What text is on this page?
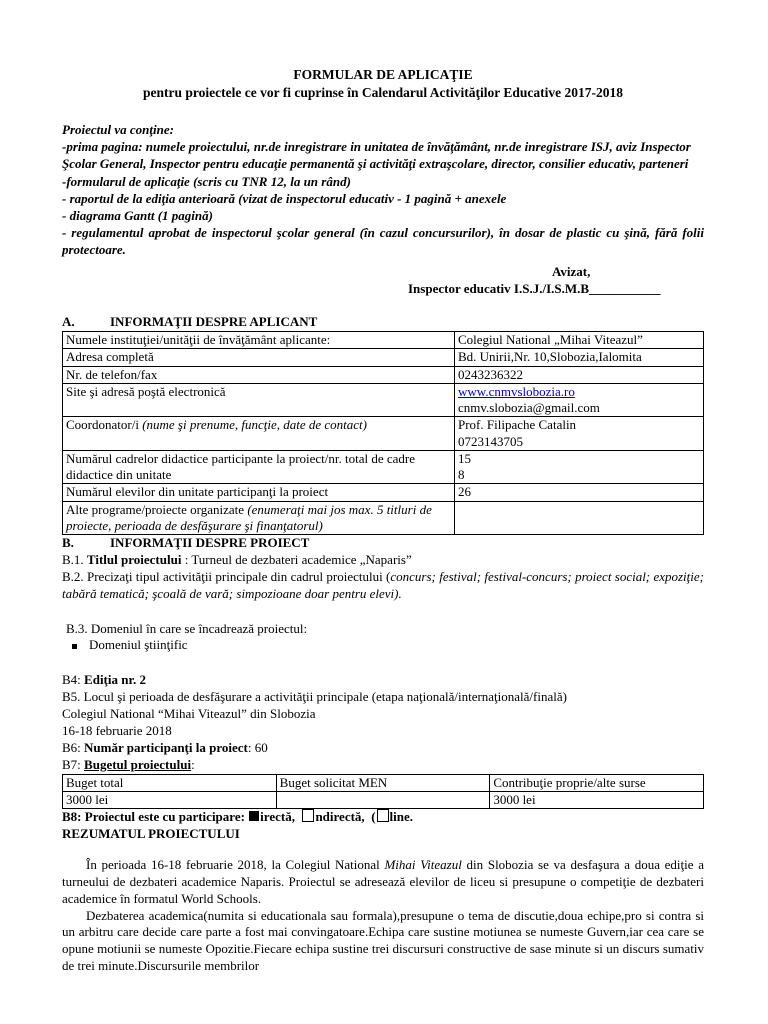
FORMULAR DE APLICAŢIE
pentru proiectele ce vor fi cuprinse în Calendarul Activităţilor Educative 2017-2018
Proiectul va conţine:
-prima pagina: numele proiectului, nr.de inregistrare in unitatea de învăţământ, nr.de inregistrare ISJ, aviz Inspector Şcolar General, Inspector pentru educaţie permanentă şi activităţi extraşcolare, director, consilier educativ, parteneri
-formularul de aplicaţie (scris cu TNR 12, la un rând)
- raportul de la ediţia anterioară (vizat de inspectorul educativ - 1 pagină + anexele
- diagrama Gantt (1 pagină)
- regulamentul aprobat de inspectorul şcolar general (în cazul concursurilor), în dosar de plastic cu şină, fără folii protectoare.
Avizat,
Inspector educativ I.S.J./I.S.M.B___________
A.	INFORMAŢII DESPRE APLICANT
Numele instituţiei/unităţii de învăţământ aplicante:	Colegiul National „Mihai Viteazul”
Adresa completă	Bd. Unirii,Nr. 10,Slobozia,Ialomita
Nr. de telefon/fax	0243236322
Site şi adresă poştă electronică	www.cnmvslobozia.ro
cnmv.slobozia@gmail.com
Coordonator/i (nume şi prenume, funcţie, date de contact)	Prof. Filipache Catalin
0723143705
Numărul cadrelor didactice participante la proiect/nr. total de cadre didactice din unitate	15
8
Numărul elevilor din unitate participanţi la proiect	26
Alte programe/proiecte organizate (enumeraţi mai jos max. 5 titluri de proiecte, perioada de desfăşurare şi finanţatorul)	
B.	INFORMAŢII DESPRE PROIECT
B.1. Titlul proiectului : Turneul de dezbateri academice „Naparis”
B.2. Precizaţi tipul activităţii principale din cadrul proiectului (concurs; festival; festival-concurs; proiect social; expoziţie; tabără tematică; şcoală de vară; simpozioane doar pentru elevi).
B.3. Domeniul în care se încadrează proiectul:
Domeniul ştiinţific
B4: Ediţia nr. 2
B5. Locul şi perioada de desfăşurare a activităţii principale (etapa naţională/internaţională/finală)
Colegiul National “Mihai Viteazul” din Slobozia
16-18 februarie 2018
B6: Număr participanţi la proiect: 60
B7: Bugetul proiectului:
Buget total	Buget solicitat MEN	Contribuţie proprie/alte surse
3000 lei		3000 lei
B8: Proiectul este cu participare: irectă, ndirectă,  ( line.
REZUMATUL PROIECTULUI
În perioada 16-18 februarie 2018, la Colegiul National Mihai Viteazul din Slobozia se va desfaşura a doua ediţie a turneului de dezbateri academice Naparis. Proiectul se adresează elevilor de liceu si presupune o competiţie de dezbateri academice în formatul World Schools.
Dezbaterea academica(numita si educationala sau formala),presupune o tema de discutie,doua echipe,pro si contra si un arbitru care decide care parte a fost mai convingatoare.Echipa care sustine motiunea se numeste Guvern,iar cea care se opune motiunii se numeste Opozitie.Fiecare echipa sustine trei discursuri constructive de sase minute si un discurs sumativ de trei minute.Discursurile membrilor
